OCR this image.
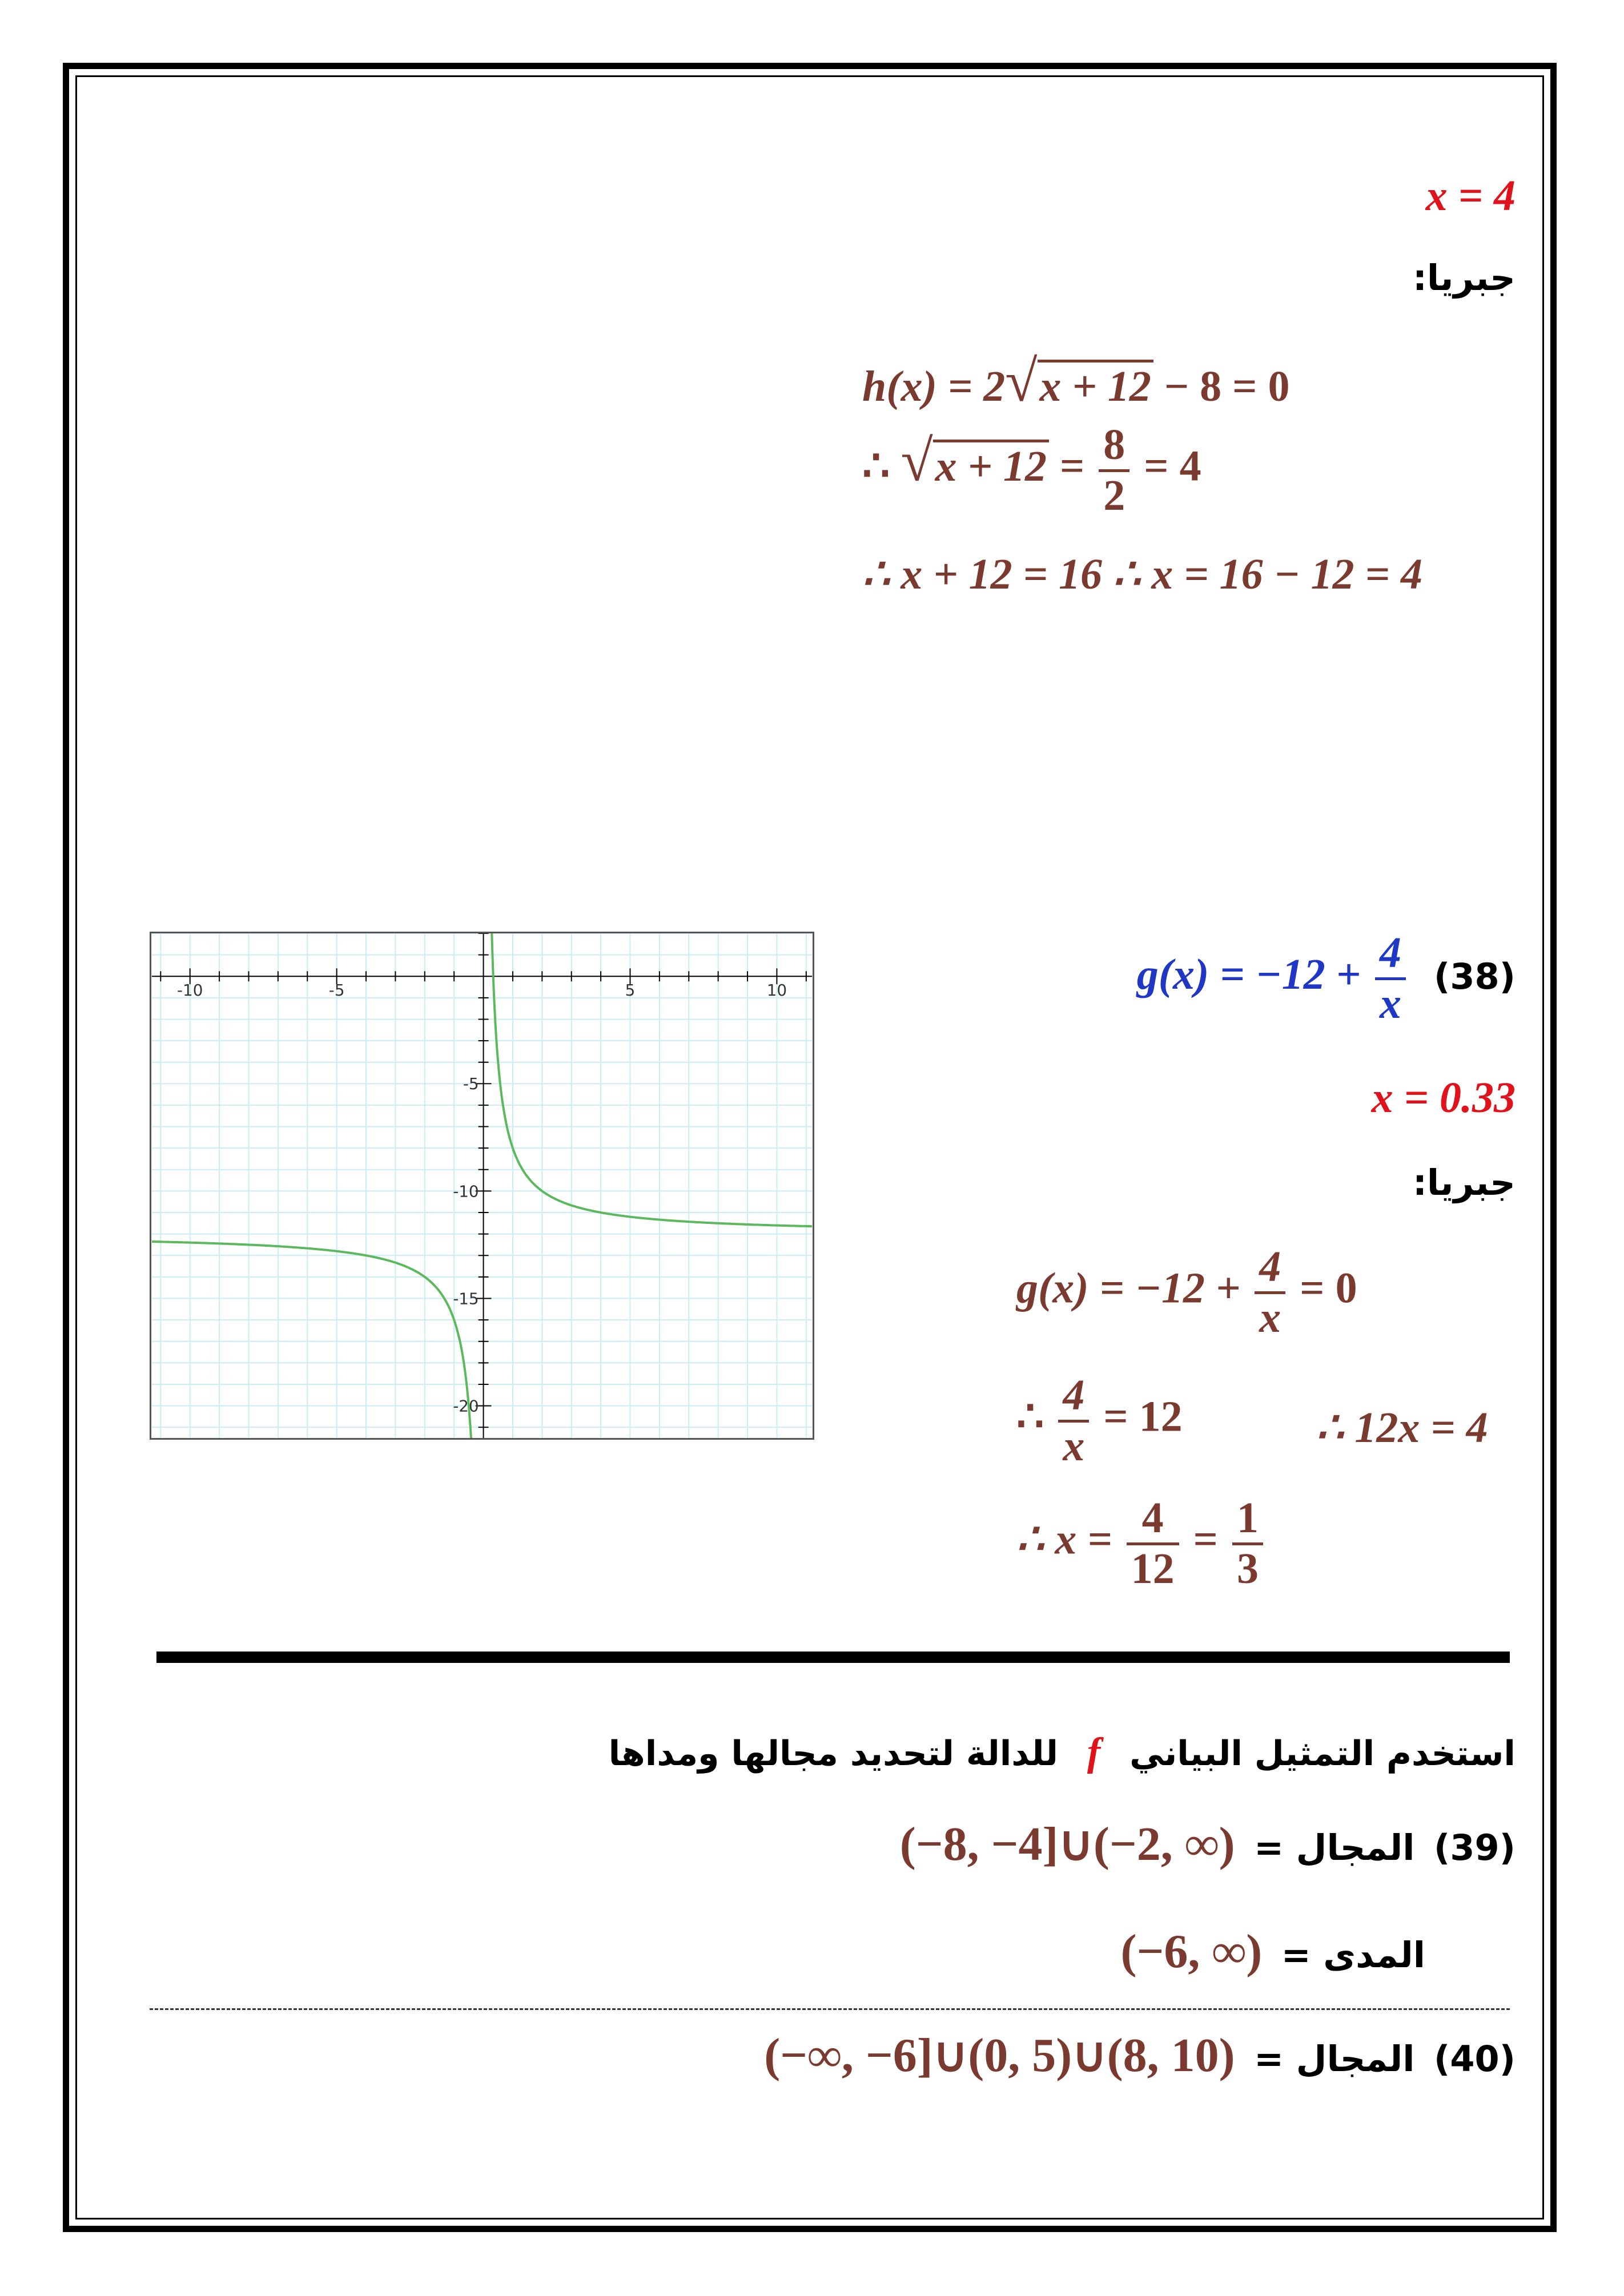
x = 4
جبريا:
h(x) = 2√x + 12 − 8 = 0
∴ $√x + 12 = \frac{8}{2} = 4$
∴ x + 12 = 16 ∴ x = 16 − 12 = 4
-10	-5	5	10
-5
-10
-15
-20
$g(x) = -12 + \frac{4}{x} (38)$
x = 0.33
جبريا:
$g(x) = -12 + \frac{4}{x} = 0$
∴ $\frac{4}{x} = 12$	∴ 12x = 4
∴ $x = \frac{4}{12} = \frac{1}{3}$
استخدم التمثيل البياني f للدالة لتحديد مجالها ومداها
(39) المجال = (−8, −4]∪(−2, ∞)
المدى = (−6, ∞)
(40) المجال = (−∞, −6]∪(0, 5)∪(8, 10)
